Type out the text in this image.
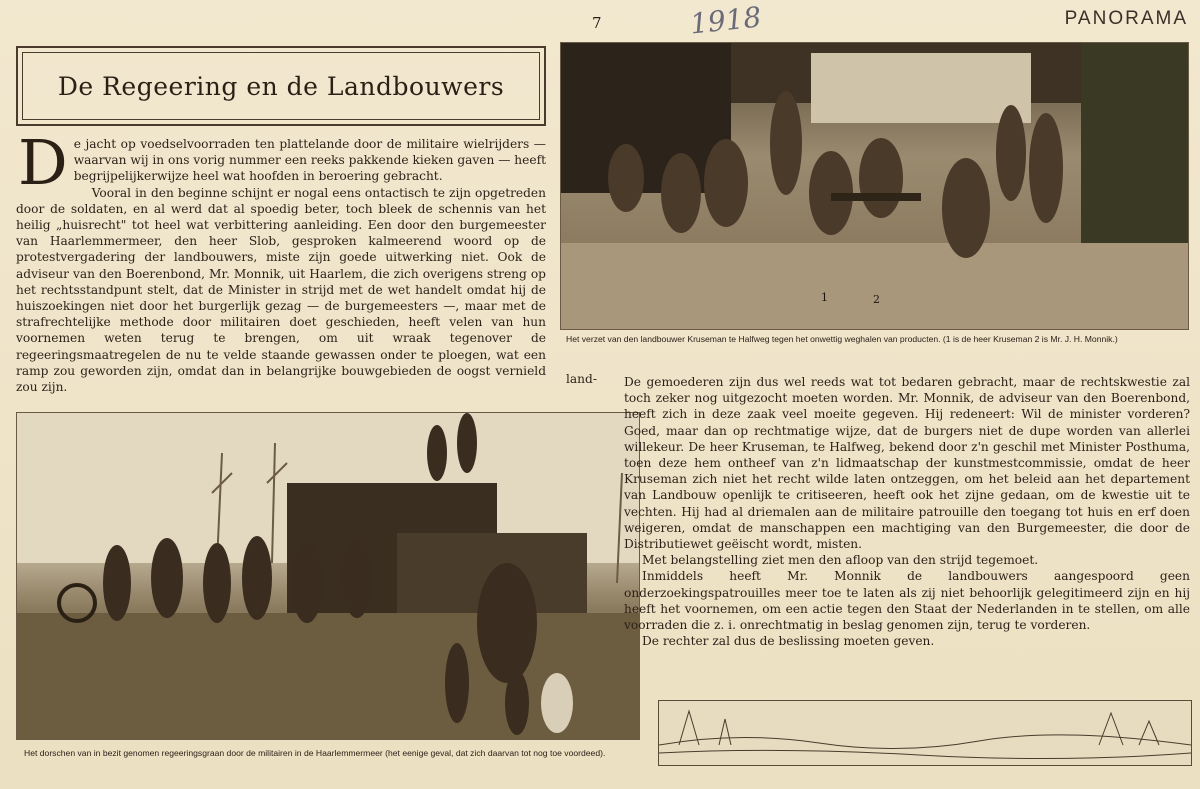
7	1918	PANORAMA
De Regeering en de Landbouwers

De jacht op voedselvoorraden ten plattelande door de militaire wielrijders — waarvan wij in ons vorig nummer een reeks pakkende kieken gaven — heeft begrijpelijkerwijze heel wat hoofden in beroering gebracht.

Vooral in den beginne schijnt er nogal eens ontactisch te zijn opgetreden door de soldaten, en al werd dat al spoedig beter, toch bleek de schennis van het heilig „huisrecht" tot heel wat verbittering aanleiding. Een door den burgemeester van Haarlemmermeer, den heer Slob, gesproken kalmeerend woord op de protestvergadering der landbouwers, miste zijn goede uitwerking niet. Ook de adviseur van den Boerenbond, Mr. Monnik, uit Haarlem, die zich overigens streng op het rechtsstandpunt stelt, dat de Minister in strijd met de wet handelt omdat hij de huiszoekingen niet door het burgerlijk gezag — de burgemeesters —, maar met de strafrechtelijke methode door militairen doet geschieden, heeft velen van hun voornemen weten terug te brengen, om uit wraak tegenover de regeeringsmaatregelen de nu te velde staande gewassen onder te ploegen, wat een ramp zou geworden zijn, omdat dan in belangrijke bouwgebieden de oogst vernield zou zijn.

land-
1	2
Het verzet van den landbouwer Kruseman te Halfweg tegen het onwettig weghalen van producten. (1 is de heer Kruseman 2 is Mr. J. H. Monnik.)
Het dorschen van in bezit genomen regeeringsgraan door de militairen in de Haarlemmermeer (het eenige geval, dat zich daarvan tot nog toe voordeed).

De gemoederen zijn dus wel reeds wat tot bedaren gebracht, maar de rechtskwestie zal toch zeker nog uitgezocht moeten worden. Mr. Monnik, de adviseur van den Boerenbond, heeft zich in deze zaak veel moeite gegeven. Hij redeneert: Wil de minister vorderen? Goed, maar dan op rechtmatige wijze, dat de burgers niet de dupe worden van allerlei willekeur. De heer Kruseman, te Halfweg, bekend door z'n geschil met Minister Posthuma, toen deze hem ontheef van z'n lidmaatschap der kunstmestcommissie, omdat de heer Kruseman zich niet het recht wilde laten ontzeggen, om het beleid aan het departement van Landbouw openlijk te critiseeren, heeft ook het zijne gedaan, om de kwestie uit te vechten. Hij had al driemalen aan de militaire patrouille den toegang tot huis en erf doen weigeren, omdat de manschappen een machtiging van den Burgemeester, die door de Distributiewet geëischt wordt, misten.

Met belangstelling ziet men den afloop van den strijd tegemoet.

Inmiddels heeft Mr. Monnik de landbouwers aangespoord geen onderzoekingspatrouilles meer toe te laten als zij niet behoorlijk gelegitimeerd zijn en hij heeft het voornemen, om een actie tegen den Staat der Nederlanden in te stellen, om alle voorraden die z. i. onrechtmatig in beslag genomen zijn, terug te vorderen.

De rechter zal dus de beslissing moeten geven.
